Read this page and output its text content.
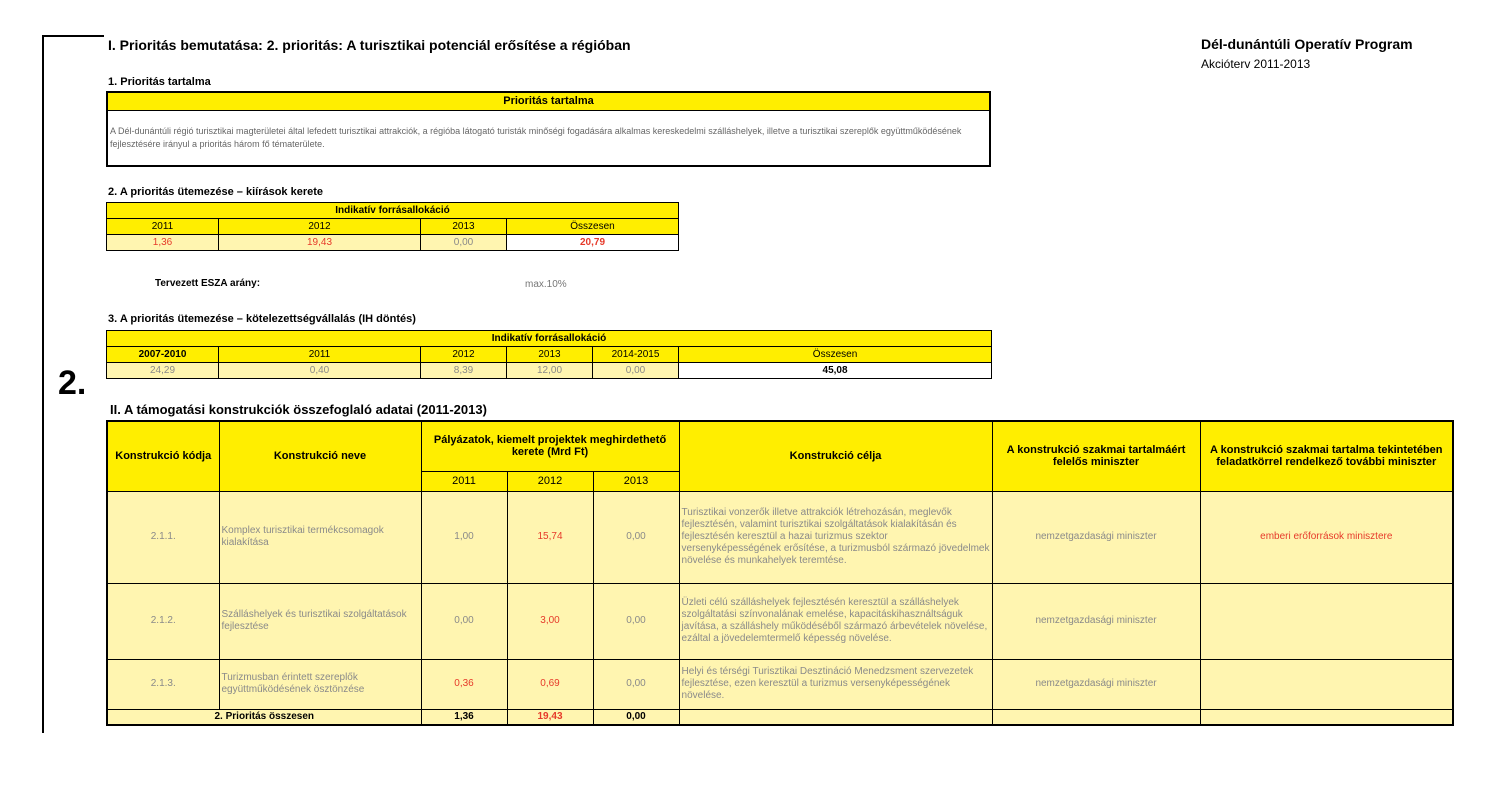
2.
I. Prioritás bemutatása: 2. prioritás: A turisztikai potenciál erősítése a régióban	Dél-dunántúli Operatív Program
Akcióterv 2011-2013
1. Prioritás tartalma
Prioritás tartalma
A Dél-dunántúli régió turisztikai magterületei által lefedett turisztikai attrakciók, a régióba látogató turisták minőségi fogadására alkalmas kereskedelmi szálláshelyek, illetve a turisztikai szereplők együttműködésének fejlesztésére irányul a prioritás három fő tématerülete.
2. A prioritás ütemezése – kiírások kerete
Indikatív forrásallokáció			
2011	2012	2013	Összesen
1,36	19,43	0,00	20,79
Tervezett ESZA arány:	max.10%
3. A prioritás ütemezése – kötelezettségvállalás (IH döntés)
Indikatív forrásallokáció					
2007-2010	2011	2012	2013	2014-2015	Összesen
24,29	0,40	8,39	12,00	0,00	45,08
II. A támogatási konstrukciók összefoglaló adatai (2011-2013)
Konstrukció kódja	Konstrukció neve	Pályázatok, kiemelt projektek meghirdethető kerete (Mrd Ft)			Konstrukció célja	A konstrukció szakmai tartalmáért felelős miniszter	A konstrukció szakmai tartalma tekintetében feladatkörrel rendelkező további miniszter
		2011	2012	2013			
2.1.1.	Komplex turisztikai termékcsomagok kialakítása	1,00	15,74	0,00	Turisztikai vonzerők illetve attrakciók létrehozásán, meglevők fejlesztésén, valamint turisztikai szolgáltatások kialakításán és fejlesztésén keresztül a hazai turizmus szektor versenyképességének erősítése, a turizmusból származó jövedelmek növelése és munkahelyek teremtése.	nemzetgazdasági miniszter	emberi erőforrások minisztere
2.1.2.	Szálláshelyek és turisztikai szolgáltatások fejlesztése	0,00	3,00	0,00	Üzleti célú szálláshelyek fejlesztésén keresztül a szálláshelyek szolgáltatási színvonalának emelése, kapacitáskihasználtságuk javítása, a szálláshely működéséből származó árbevételek növelése, ezáltal a jövedelemtermelő képesség növelése.	nemzetgazdasági miniszter	
2.1.3.	Turizmusban érintett szereplők együttműködésének ösztönzése	0,36	0,69	0,00	Helyi és térségi Turisztikai Desztináció Menedzsment szervezetek fejlesztése, ezen keresztül a turizmus versenyképességének növelése.	nemzetgazdasági miniszter	
2. Prioritás összesen		1,36	19,43	0,00			
